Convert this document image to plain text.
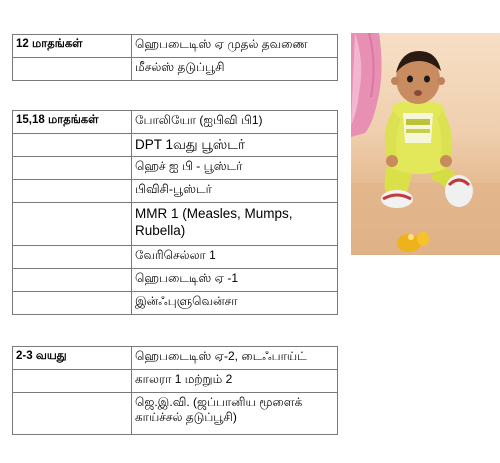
12 மாதங்கள்	ஹெபடைடிஸ் ஏ முதல் தவணை
	மீசல்ஸ் தடுப்பூசி
15,18 மாதங்கள்	போலியோ (ஐபிவி பி1)
	DPT 1வது பூஸ்டர்
	ஹெச் ஐ பி - பூஸ்டர்
	பிவிசி-பூஸ்டர்
	MMR 1 (Measles, Mumps, Rubella)
	வேரிசெல்லா 1
	ஹெபடைடிஸ் ஏ -1
	இன்ஃபுளுவென்சா
2-3 வயது	ஹெபடைடிஸ் ஏ-2, டைஃபாய்ட்
	காலரா 1 மற்றும் 2
	ஜெ.இ.வி. (ஜப்பானிய மூளைக் காய்ச்சல் தடுப்பூசி)
